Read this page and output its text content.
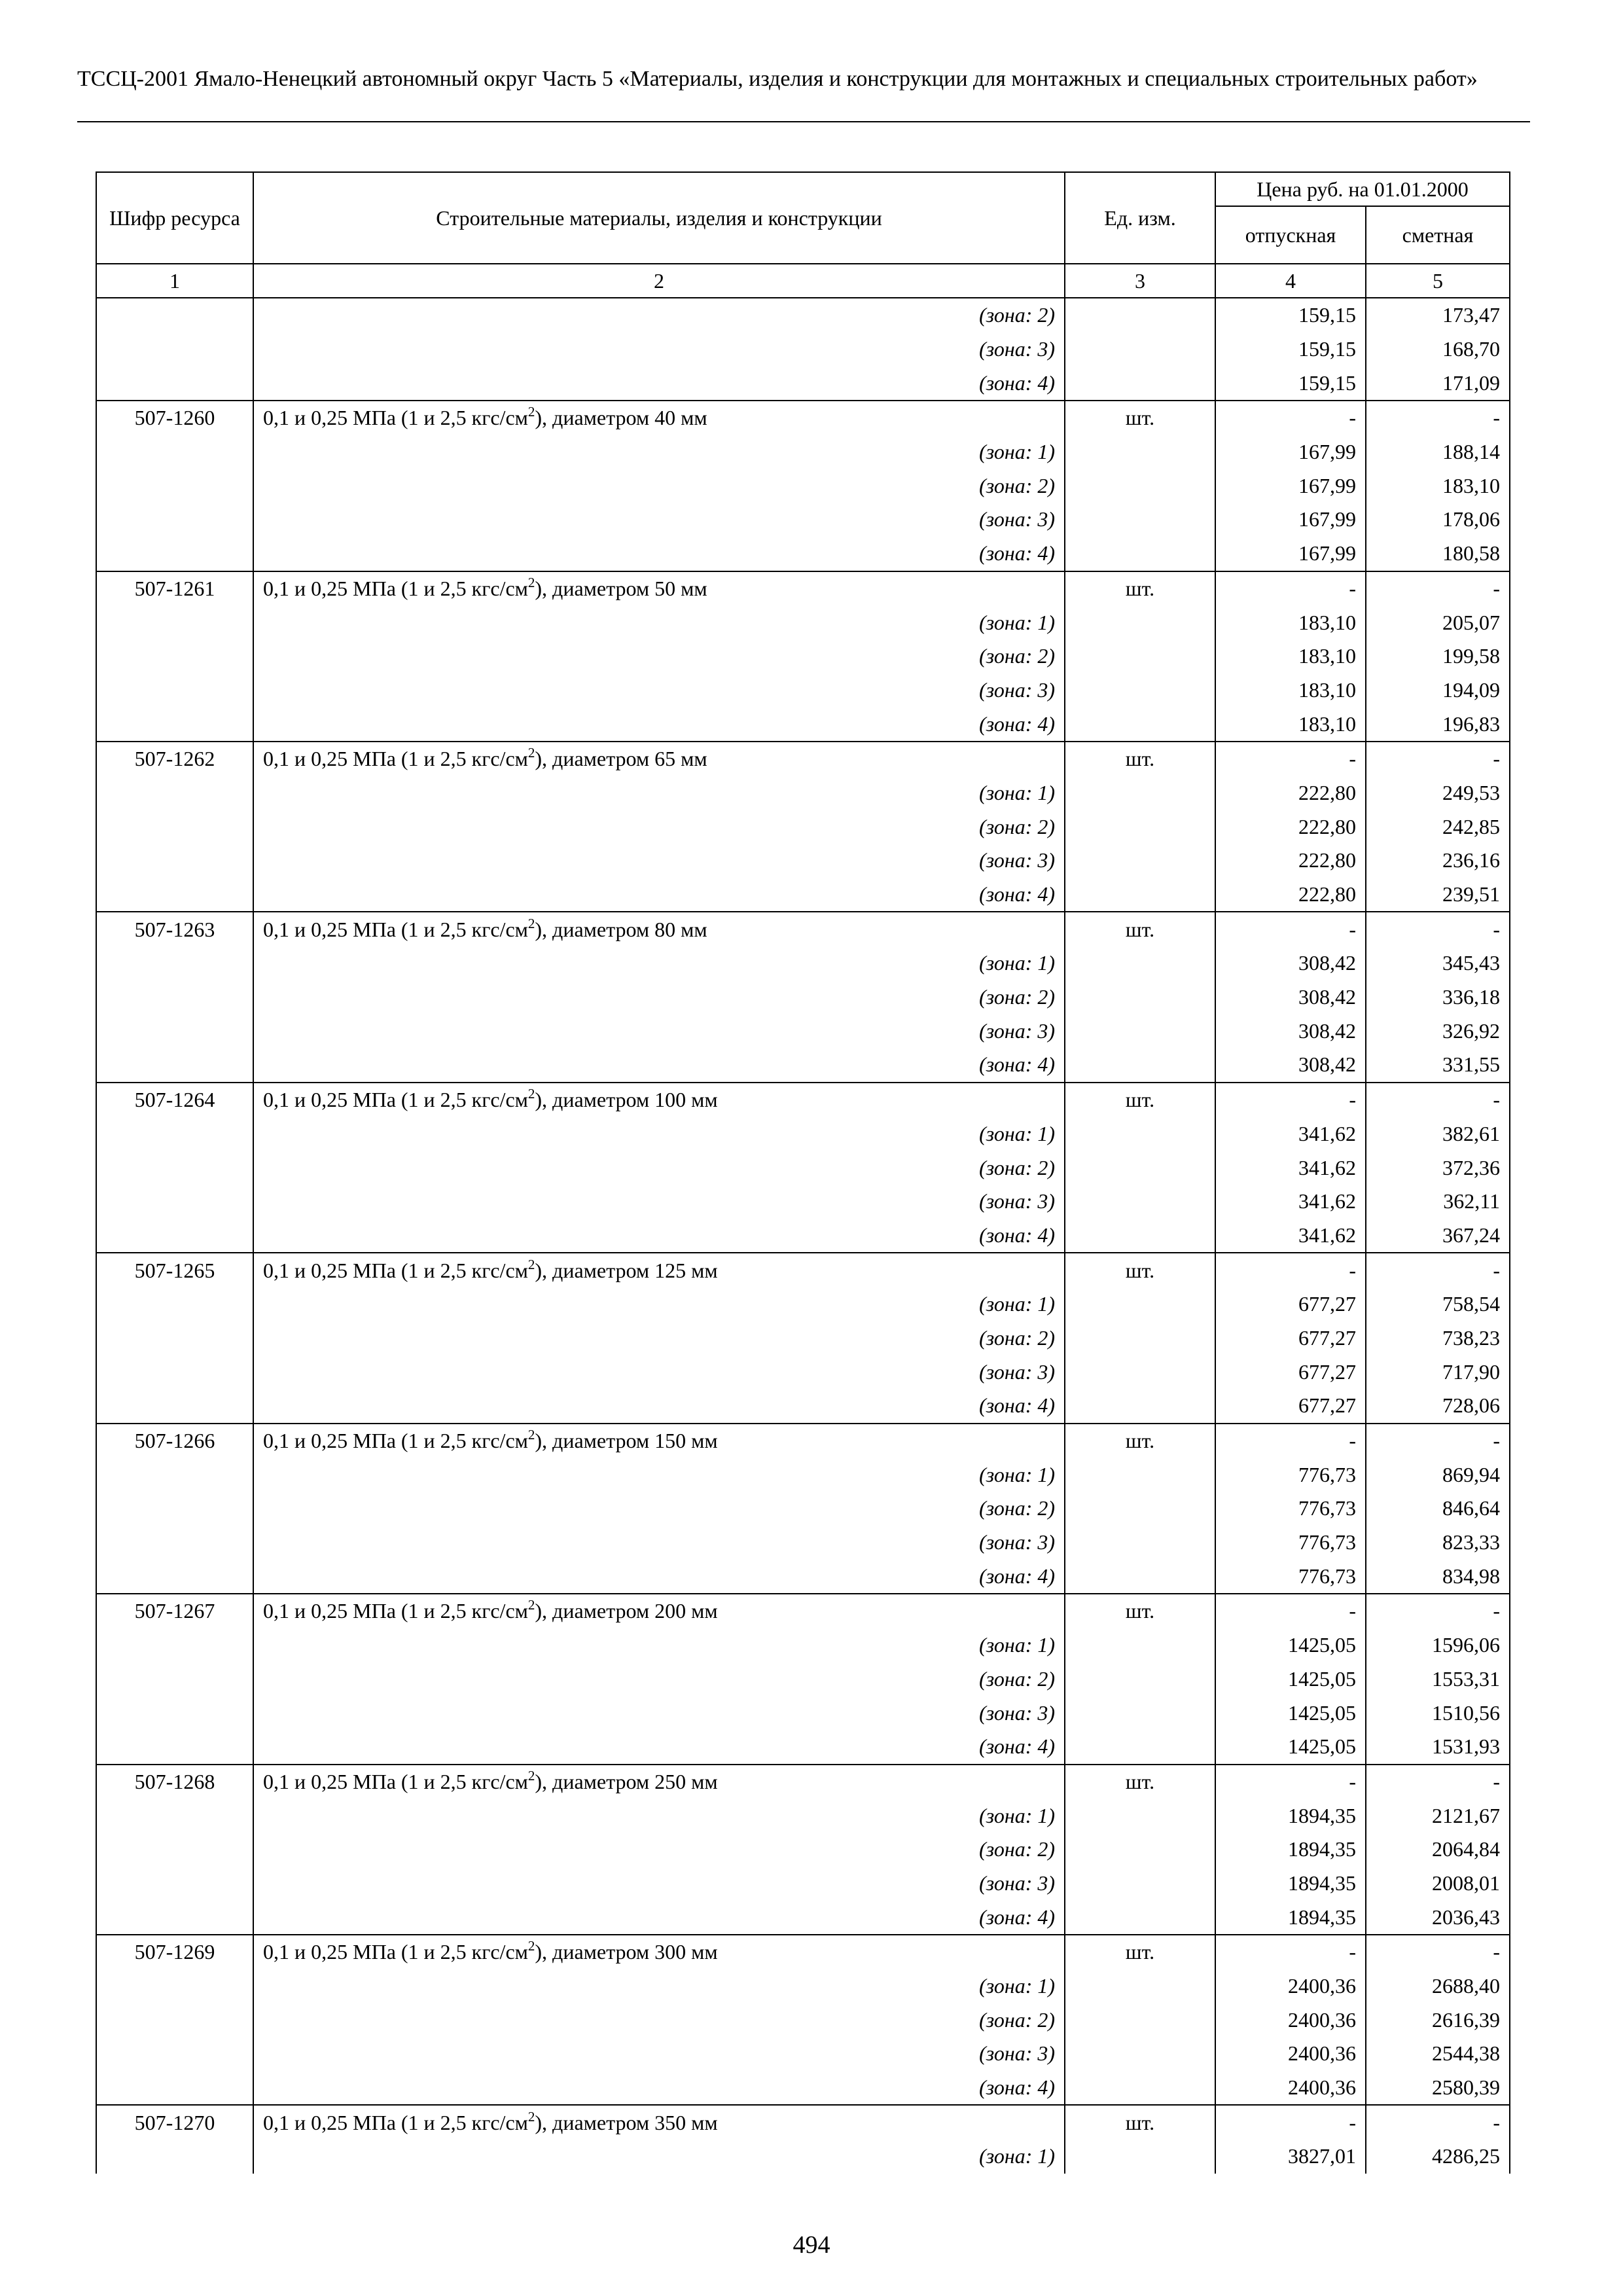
ТССЦ-2001 Ямало-Ненецкий автономный округ Часть 5 «Материалы, изделия и конструкции для монтажных и специальных строительных работ»
Шифр ресурса	Строительные материалы, изделия и конструкции	Ед. изм.	Цена руб. на 01.01.2000	
			отпускная	сметная
1	2	3	4	5
	(зона: 2)		159,15	173,47
	(зона: 3)		159,15	168,70
	(зона: 4)		159,15	171,09
507-1260	0,1 и 0,25 МПа (1 и 2,5 кгс/$см^2$), диаметром 40 мм	шт.	-	-
	(зона: 1)		167,99	188,14
	(зона: 2)		167,99	183,10
	(зона: 3)		167,99	178,06
	(зона: 4)		167,99	180,58
507-1261	0,1 и 0,25 МПа (1 и 2,5 кгс/$см^2$), диаметром 50 мм	шт.	-	-
	(зона: 1)		183,10	205,07
	(зона: 2)		183,10	199,58
	(зона: 3)		183,10	194,09
	(зона: 4)		183,10	196,83
507-1262	0,1 и 0,25 МПа (1 и 2,5 кгс/$см^2$), диаметром 65 мм	шт.	-	-
	(зона: 1)		222,80	249,53
	(зона: 2)		222,80	242,85
	(зона: 3)		222,80	236,16
	(зона: 4)		222,80	239,51
507-1263	0,1 и 0,25 МПа (1 и 2,5 кгс/$см^2$), диаметром 80 мм	шт.	-	-
	(зона: 1)		308,42	345,43
	(зона: 2)		308,42	336,18
	(зона: 3)		308,42	326,92
	(зона: 4)		308,42	331,55
507-1264	0,1 и 0,25 МПа (1 и 2,5 кгс/$см^2$), диаметром 100 мм	шт.	-	-
	(зона: 1)		341,62	382,61
	(зона: 2)		341,62	372,36
	(зона: 3)		341,62	362,11
	(зона: 4)		341,62	367,24
507-1265	0,1 и 0,25 МПа (1 и 2,5 кгс/$см^2$), диаметром 125 мм	шт.	-	-
	(зона: 1)		677,27	758,54
	(зона: 2)		677,27	738,23
	(зона: 3)		677,27	717,90
	(зона: 4)		677,27	728,06
507-1266	0,1 и 0,25 МПа (1 и 2,5 кгс/$см^2$), диаметром 150 мм	шт.	-	-
	(зона: 1)		776,73	869,94
	(зона: 2)		776,73	846,64
	(зона: 3)		776,73	823,33
	(зона: 4)		776,73	834,98
507-1267	0,1 и 0,25 МПа (1 и 2,5 кгс/$см^2$), диаметром 200 мм	шт.	-	-
	(зона: 1)		1425,05	1596,06
	(зона: 2)		1425,05	1553,31
	(зона: 3)		1425,05	1510,56
	(зона: 4)		1425,05	1531,93
507-1268	0,1 и 0,25 МПа (1 и 2,5 кгс/$см^2$), диаметром 250 мм	шт.	-	-
	(зона: 1)		1894,35	2121,67
	(зона: 2)		1894,35	2064,84
	(зона: 3)		1894,35	2008,01
	(зона: 4)		1894,35	2036,43
507-1269	0,1 и 0,25 МПа (1 и 2,5 кгс/$см^2$), диаметром 300 мм	шт.	-	-
	(зона: 1)		2400,36	2688,40
	(зона: 2)		2400,36	2616,39
	(зона: 3)		2400,36	2544,38
	(зона: 4)		2400,36	2580,39
507-1270	0,1 и 0,25 МПа (1 и 2,5 кгс/$см^2$), диаметром 350 мм	шт.	-	-
	(зона: 1)		3827,01	4286,25
494
